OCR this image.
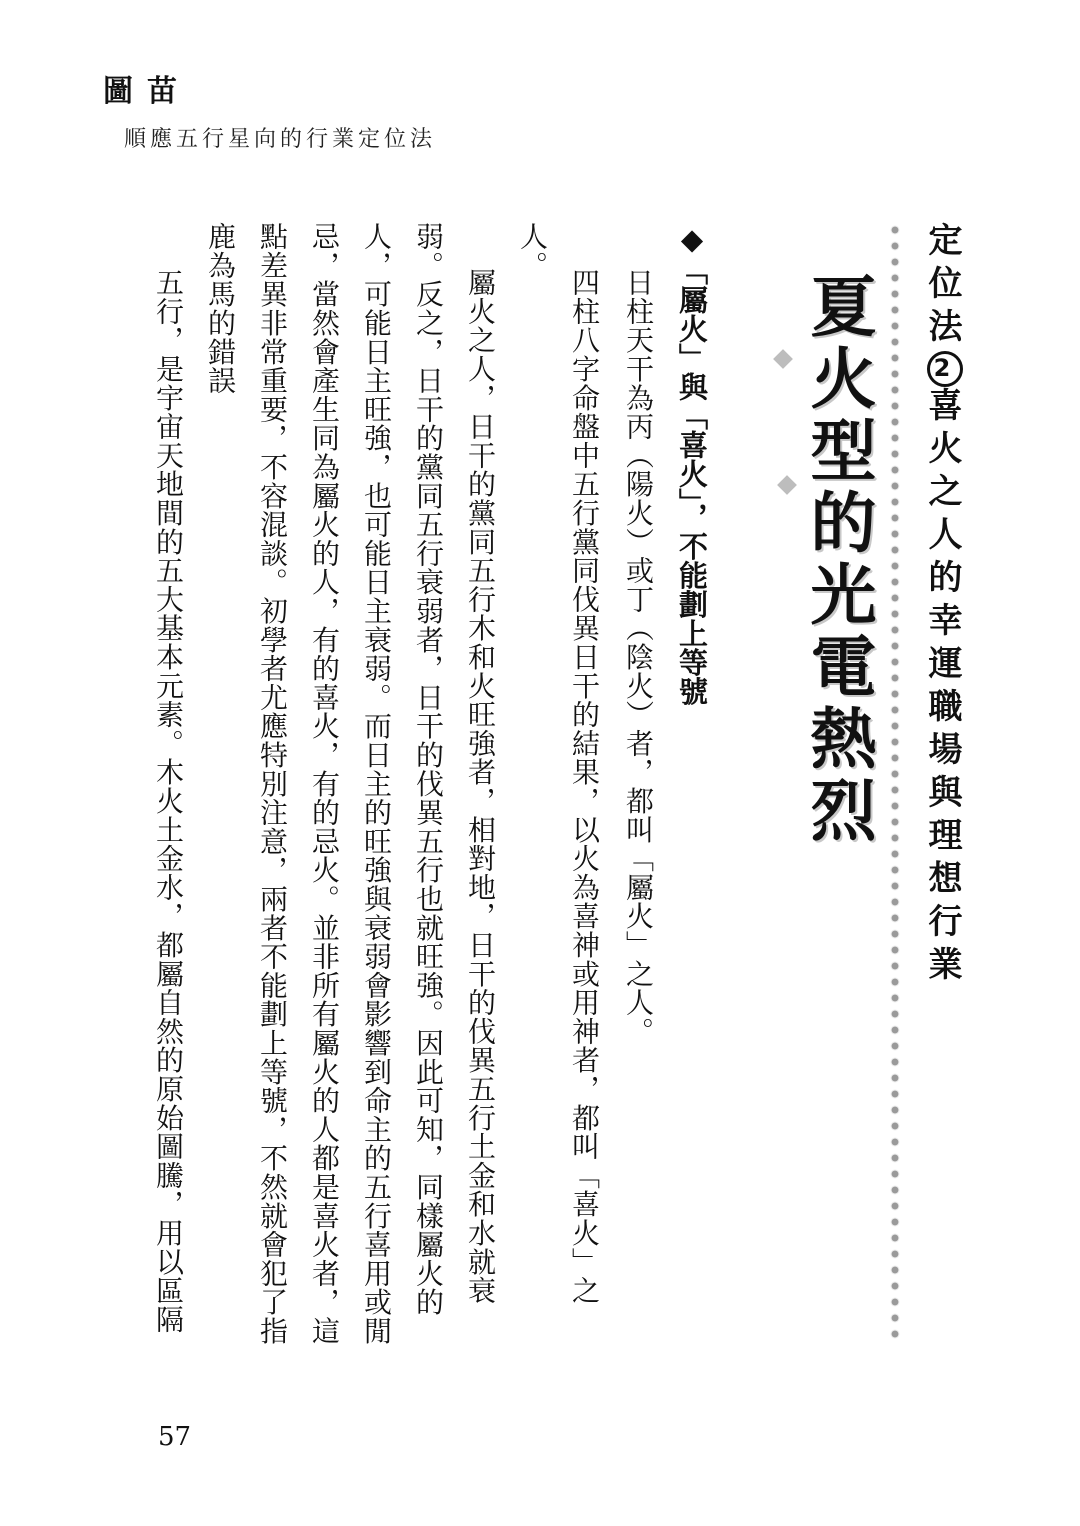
圖苗
順應五行星向的行業定位法
定位法2喜火之人的幸運職場與理想行業
夏火型的光電熱烈
◆「屬火」與「喜火」，不能劃上等號
日柱天干為丙（陽火）或丁（陰火）者，都叫「屬火」之人。
四柱八字命盤中五行黨同伐異日干的結果，以火為喜神或用神者，都叫「喜火」之
人。
屬火之人，日干的黨同五行木和火旺強者，相對地，日干的伐異五行土金和水就衰
弱。反之，日干的黨同五行衰弱者，日干的伐異五行也就旺強。因此可知，同樣屬火的
人，可能日主旺強，也可能日主衰弱。而日主的旺強與衰弱會影響到命主的五行喜用或閒
忌，當然會產生同為屬火的人，有的喜火，有的忌火。並非所有屬火的人都是喜火者，這
點差異非常重要，不容混談。初學者尤應特別注意，兩者不能劃上等號，不然就會犯了指
鹿為馬的錯誤
五行，是宇宙天地間的五大基本元素。木火土金水，都屬自然的原始圖騰，用以區隔
57
